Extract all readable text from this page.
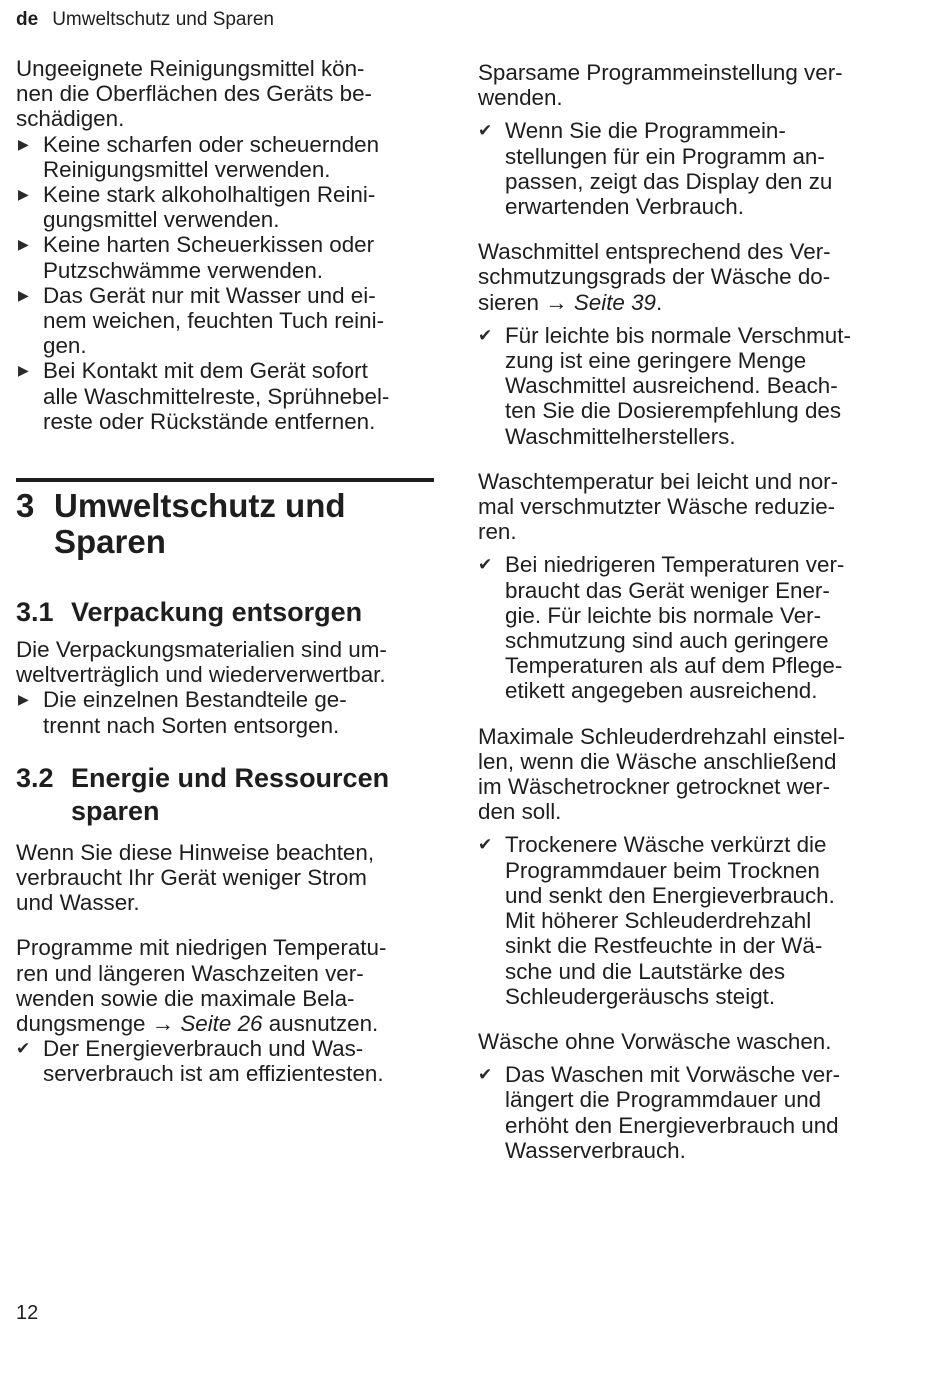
de Umweltschutz und Sparen

Ungeeignete Reinigungsmittel kön-
nen die Oberflächen des Geräts be-
schädigen.

▶ Keine scharfen oder scheuernden
Reinigungsmittel verwenden.
▶ Keine stark alkoholhaltigen Reini-
gungsmittel verwenden.
▶ Keine harten Scheuerkissen oder
Putzschwämme verwenden.
▶ Das Gerät nur mit Wasser und ei-
nem weichen, feuchten Tuch reini-
gen.
▶ Bei Kontakt mit dem Gerät sofort
alle Waschmittelreste, Sprühnebel-
reste oder Rückstände entfernen.
3 Umweltschutz und
Sparen
3.1 Verpackung entsorgen

Die Verpackungsmaterialien sind um-
weltverträglich und wiederverwertbar.

▶ Die einzelnen Bestandteile ge-
trennt nach Sorten entsorgen.
3.2 Energie und Ressourcen
sparen

Wenn Sie diese Hinweise beachten,
verbraucht Ihr Gerät weniger Strom
und Wasser.

Programme mit niedrigen Temperatu-
ren und längeren Waschzeiten ver-
wenden sowie die maximale Bela-
dungsmenge → Seite 26 ausnutzen.

✔ Der Energieverbrauch und Was-
serverbrauch ist am effizientesten.

Sparsame Programmeinstellung ver-
wenden.

✔ Wenn Sie die Programmein-
stellungen für ein Programm an-
passen, zeigt das Display den zu
erwartenden Verbrauch.

Waschmittel entsprechend des Ver-
schmutzungsgrads der Wäsche do-
sieren → Seite 39.

✔ Für leichte bis normale Verschmut-
zung ist eine geringere Menge
Waschmittel ausreichend. Beach-
ten Sie die Dosierempfehlung des
Waschmittelherstellers.

Waschtemperatur bei leicht und nor-
mal verschmutzter Wäsche reduzie-
ren.

✔ Bei niedrigeren Temperaturen ver-
braucht das Gerät weniger Ener-
gie. Für leichte bis normale Ver-
schmutzung sind auch geringere
Temperaturen als auf dem Pflege-
etikett angegeben ausreichend.

Maximale Schleuderdrehzahl einstel-
len, wenn die Wäsche anschließend
im Wäschetrockner getrocknet wer-
den soll.

✔ Trockenere Wäsche verkürzt die
Programmdauer beim Trocknen
und senkt den Energieverbrauch.
Mit höherer Schleuderdrehzahl
sinkt die Restfeuchte in der Wä-
sche und die Lautstärke des
Schleudergeräuschs steigt.

Wäsche ohne Vorwäsche waschen.

✔ Das Waschen mit Vorwäsche ver-
längert die Programmdauer und
erhöht den Energieverbrauch und
Wasserverbrauch.
12
